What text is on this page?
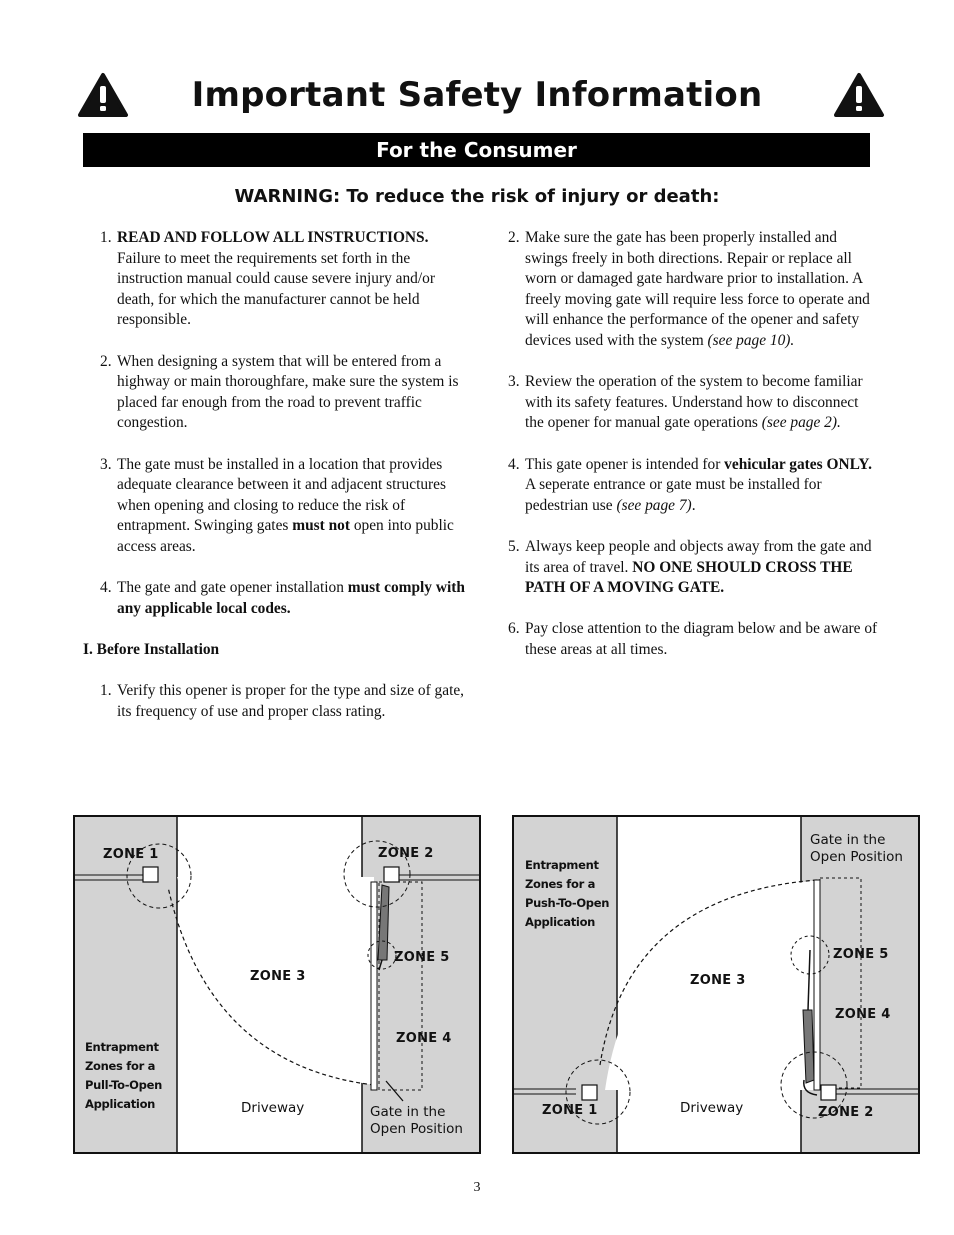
Important Safety Information
For the Consumer
WARNING: To reduce the risk of injury or death:
1. READ AND FOLLOW ALL INSTRUCTIONS. Failure to meet the requirements set forth in the instruction manual could cause severe injury and/or death, for which the manufacturer cannot be held responsible.
2. When designing a system that will be entered from a highway or main thoroughfare, make sure the system is placed far enough from the road to prevent traffic congestion.
3. The gate must be installed in a location that provides adequate clearance between it and adjacent structures when opening and closing to reduce the risk of entrapment. Swinging gates must not open into public access areas.
4. The gate and gate opener installation must comply with any applicable local codes.
I. Before Installation
1. Verify this opener is proper for the type and size of gate, its frequency of use and proper class rating.
2. Make sure the gate has been properly installed and swings freely in both directions. Repair or replace all worn or damaged gate hardware prior to installation. A freely moving gate will require less force to operate and will enhance the performance of the opener and safety devices used with the system (see page 10).
3. Review the operation of the system to become familiar with its safety features. Understand how to disconnect the opener for manual gate operations (see page 2).
4. This gate opener is intended for vehicular gates ONLY. A seperate entrance or gate must be installed for pedestrian use (see page 7).
5. Always keep people and objects away from the gate and its area of travel. NO ONE SHOULD CROSS THE PATH OF A MOVING GATE.
6. Pay close attention to the diagram below and be aware of these areas at all times.
ZONE 1	ZONE 2
ZONE 3
ZONE 4
ZONE 5
Entrapment
Zones for a
Pull-To-Open
Application	Driveway	Gate in the
Open Position
ZONE 1	ZONE 2
ZONE 3
ZONE 4
ZONE 5
Entrapment
Zones for a
Push-To-Open
Application
Driveway
Gate in the
Open Position
3
